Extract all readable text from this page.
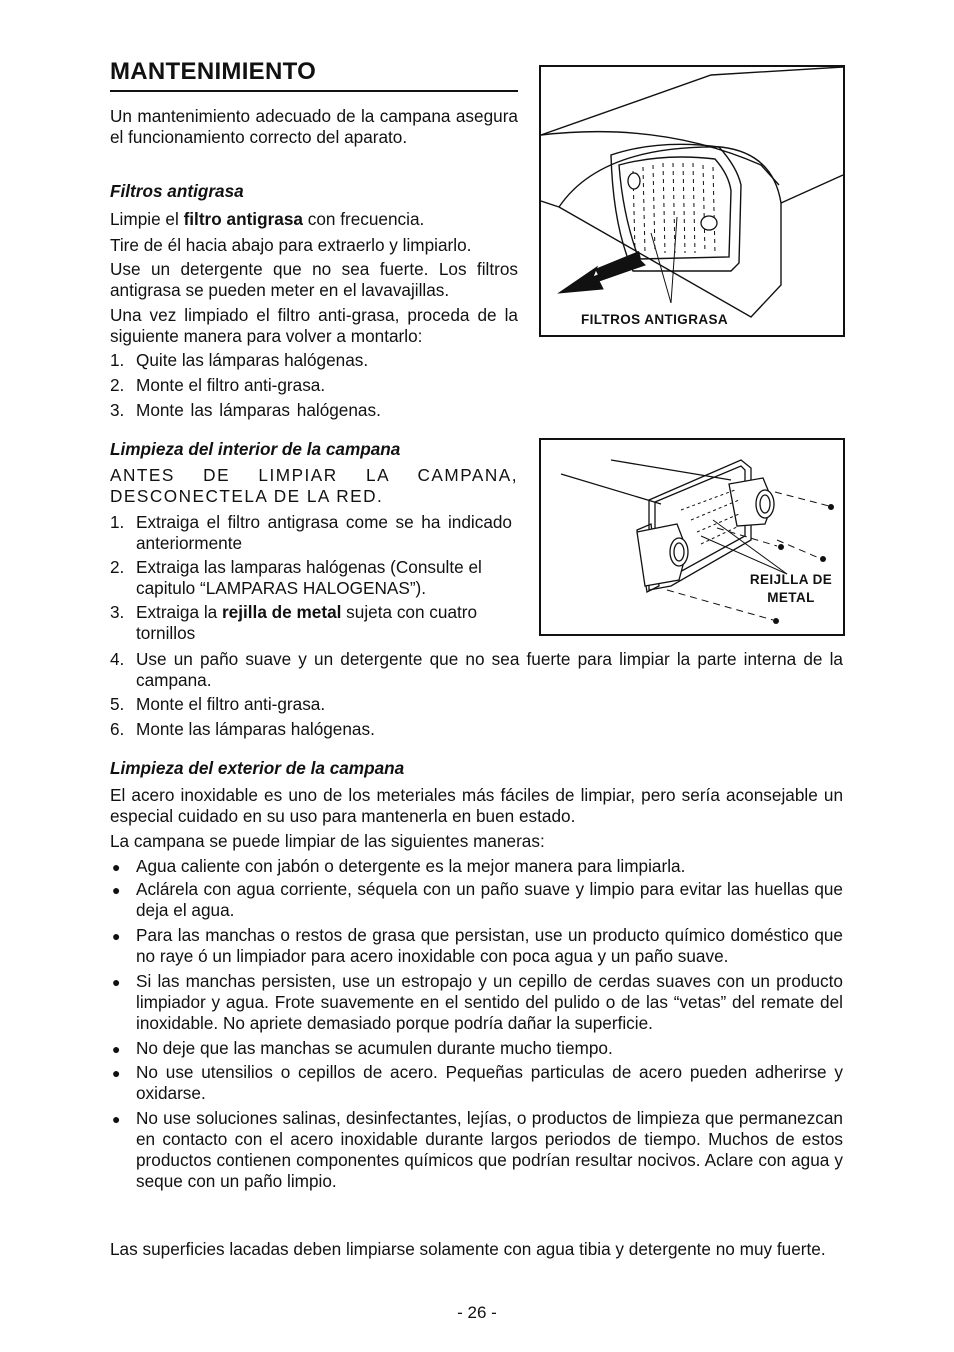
MANTENIMIENTO

Un mantenimiento adecuado de la campana asegura el funcionamiento correcto del aparato.

Filtros antigrasa

Limpie el filtro antigrasa con frecuencia.

Tire de él hacia abajo para extraerlo y limpiarlo.

Use un detergente que no sea fuerte. Los filtros antigrasa se pueden meter en el lavavajillas.

Una vez limpiado el filtro anti-grasa, proceda de la siguiente manera para volver a montarlo:

1. Quite las lámparas halógenas.

2. Monte el filtro anti-grasa.

3. Monte las lámparas halógenas.

FILTROS ANTIGRASA
Limpieza del interior de la campana

ANTES DE LIMPIAR LA CAMPANA, DESCONECTELA DE LA RED.

1. Extraiga el filtro antigrasa come se ha indicado anteriormente

2. Extraiga las lamparas halógenas (Consulte el capitulo “LAMPARAS HALOGENAS”).

3. Extraiga la rejilla de metal sujeta con cuatro tornillos

4. Use un paño suave y un detergente que no sea fuerte para limpiar la parte interna de la campana.

5. Monte el filtro anti-grasa.

6. Monte las lámparas halógenas.

REIJLLA DE
METAL
Limpieza del exterior de la campana

El acero inoxidable es uno de los meteriales más fáciles de limpiar, pero sería aconsejable un especial cuidado en su uso para mantenerla en buen estado.

La campana se puede limpiar de las siguientes maneras:

● Agua caliente con jabón o detergente es la mejor manera para limpiarla.

● Aclárela con agua corriente, séquela con un paño suave y limpio para evitar las huellas que deja el agua.

● Para las manchas o restos de grasa que persistan, use un producto químico doméstico que no raye ó un limpiador para acero inoxidable con poca agua y un paño suave.

● Si las manchas persisten, use un estropajo y un cepillo de cerdas suaves con un producto limpiador y agua. Frote suavemente en el sentido del pulido o de las “vetas” del remate del inoxidable. No apriete demasiado porque podría dañar la superficie.

● No deje que las manchas se acumulen durante mucho tiempo.

● No use utensilios o cepillos de acero. Pequeñas particulas de acero pueden adherirse y oxidarse.

● No use soluciones salinas, desinfectantes, lejías, o productos de limpieza que permanezcan en contacto con el acero inoxidable durante largos periodos de tiempo. Muchos de estos productos contienen componentes químicos que podrían resultar nocivos. Aclare con agua y seque con un paño limpio.

Las superficies lacadas deben limpiarse solamente con agua tibia y detergente no muy fuerte.

- 26 -
